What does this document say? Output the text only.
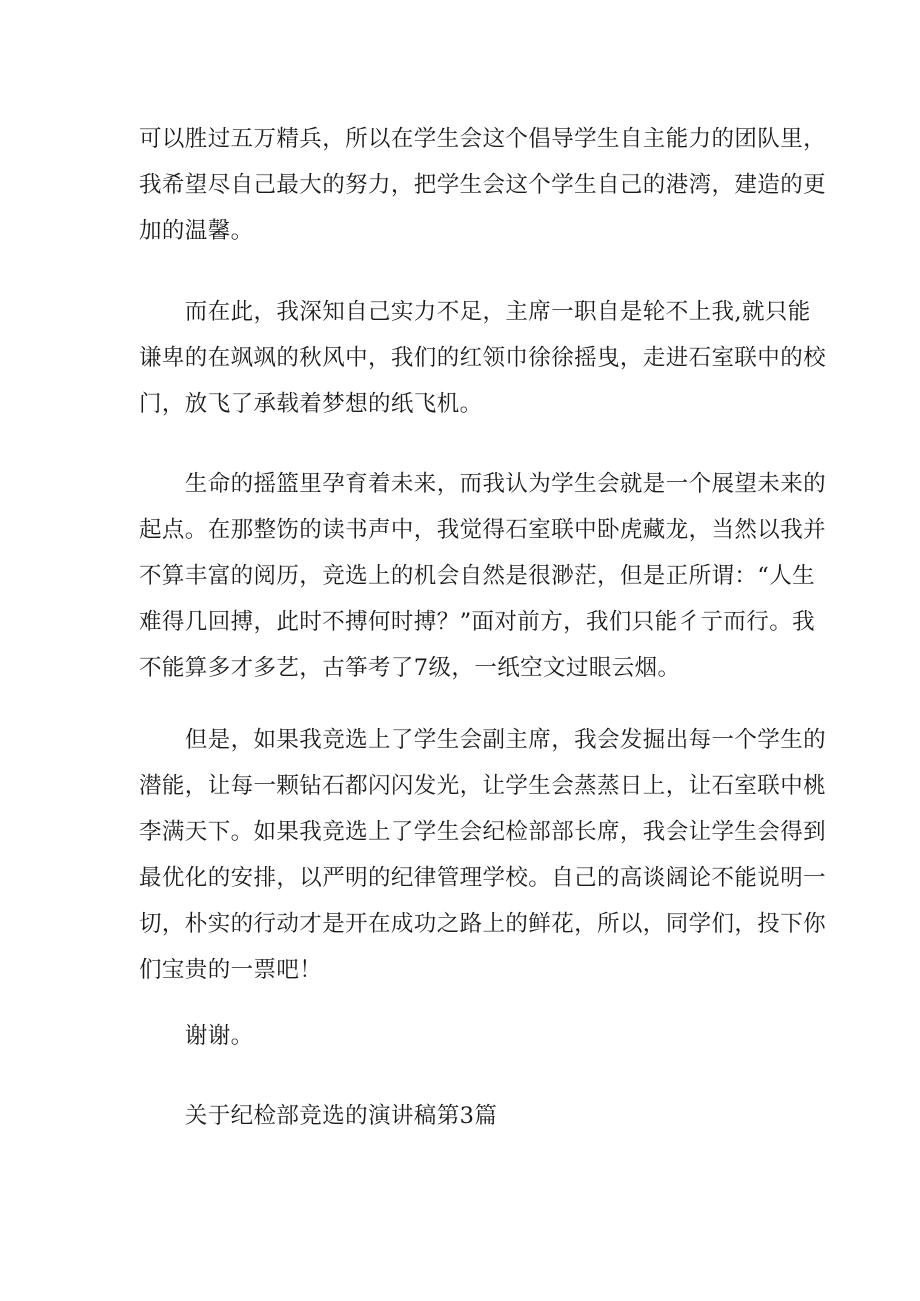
可以胜过五万精兵，所以在学生会这个倡导学生自主能力的团队里，
我希望尽自己最大的努力，把学生会这个学生自己的港湾，建造的更
加的温馨。
　　而在此，我深知自己实力不足，主席一职自是轮不上我,就只能
谦卑的在飒飒的秋风中，我们的红领巾徐徐摇曳，走进石室联中的校
门，放飞了承载着梦想的纸飞机。
　　生命的摇篮里孕育着未来，而我认为学生会就是一个展望未来的
起点。在那整饬的读书声中，我觉得石室联中卧虎藏龙，当然以我并
不算丰富的阅历，竞选上的机会自然是很渺茫，但是正所谓：“人生
难得几回搏，此时不搏何时搏？”面对前方，我们只能彳亍而行。我
不能算多才多艺，古筝考了7级，一纸空文过眼云烟。
　　但是，如果我竞选上了学生会副主席，我会发掘出每一个学生的
潜能，让每一颗钻石都闪闪发光，让学生会蒸蒸日上，让石室联中桃
李满天下。如果我竞选上了学生会纪检部部长席，我会让学生会得到
最优化的安排，以严明的纪律管理学校。自己的高谈阔论不能说明一
切，朴实的行动才是开在成功之路上的鲜花，所以，同学们，投下你
们宝贵的一票吧！
　　谢谢。
　　关于纪检部竞选的演讲稿第3篇
